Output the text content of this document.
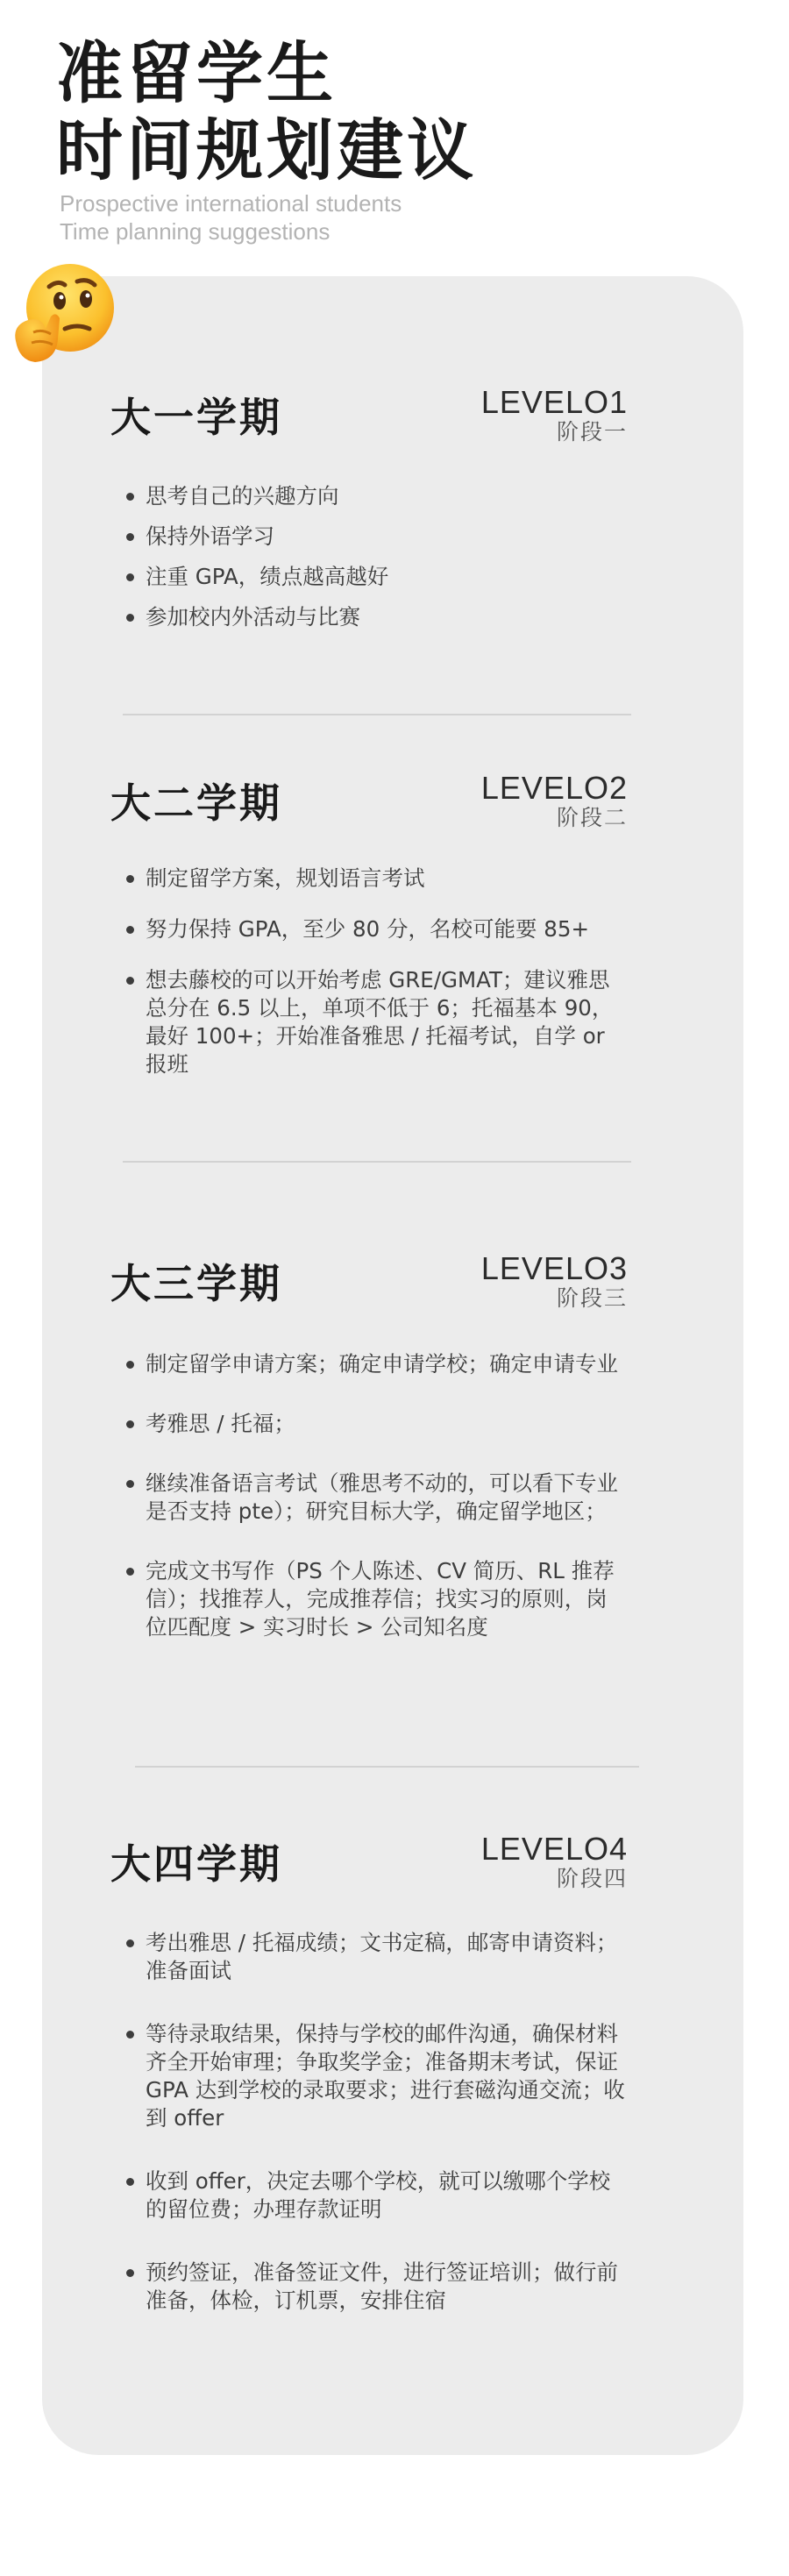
准留学生
时间规划建议
Prospective international students
Time planning suggestions
大一学期	LEVELO1
阶段一
思考自己的兴趣方向
保持外语学习
注重 GPA，绩点越高越好
参加校内外活动与比赛
大二学期	LEVELO2
阶段二
制定留学方案，规划语言考试
努力保持 GPA，至少 80 分，名校可能要 85+
想去藤校的可以开始考虑 GRE/GMAT；建议雅思总分在 6.5 以上，单项不低于 6；托福基本 90，最好 100+；开始准备雅思 / 托福考试，自学 or 报班
大三学期	LEVELO3
阶段三
制定留学申请方案；确定申请学校；确定申请专业
考雅思 / 托福；
继续准备语言考试（雅思考不动的，可以看下专业是否支持 pte）；研究目标大学，确定留学地区；
完成文书写作（PS 个人陈述、CV 简历、RL 推荐信）；找推荐人，完成推荐信；找实习的原则，岗位匹配度 > 实习时长 > 公司知名度
大四学期	LEVELO4
阶段四
考出雅思 / 托福成绩；文书定稿，邮寄申请资料；准备面试
等待录取结果，保持与学校的邮件沟通，确保材料齐全开始审理；争取奖学金；准备期末考试，保证 GPA 达到学校的录取要求；进行套磁沟通交流；收到 offer
收到 offer，决定去哪个学校，就可以缴哪个学校的留位费；办理存款证明
预约签证，准备签证文件，进行签证培训；做行前准备，体检，订机票，安排住宿
